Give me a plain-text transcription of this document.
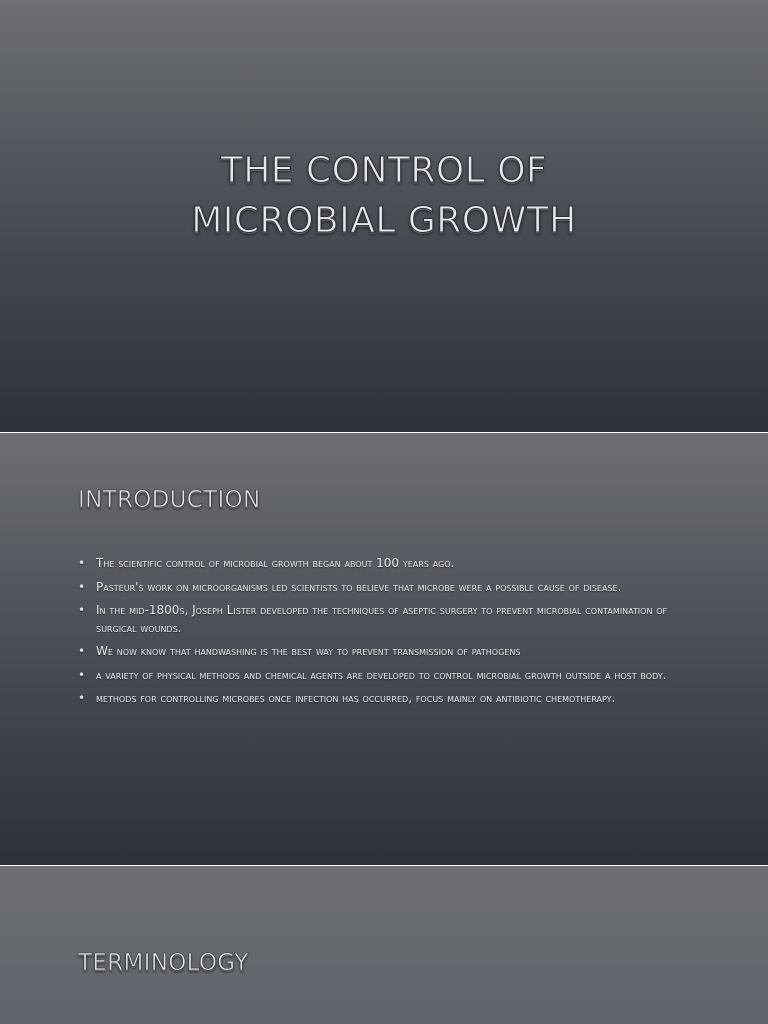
THE CONTROL OF
MICROBIAL GROWTH
INTRODUCTION
• The scientific control of microbial growth began about 100 years ago.
• Pasteur's work on microorganisms led scientists to believe that microbe were a possible cause of disease.
• In the mid-1800s, Joseph Lister developed the techniques of aseptic surgery to prevent microbial contamination of surgical wounds.
• We now know that handwashing is the best way to prevent transmission of pathogens
• a variety of physical methods and chemical agents are developed to control microbial growth outside a host body.
• methods for controlling microbes once infection has occurred, focus mainly on antibiotic chemotherapy.
TERMINOLOGY
